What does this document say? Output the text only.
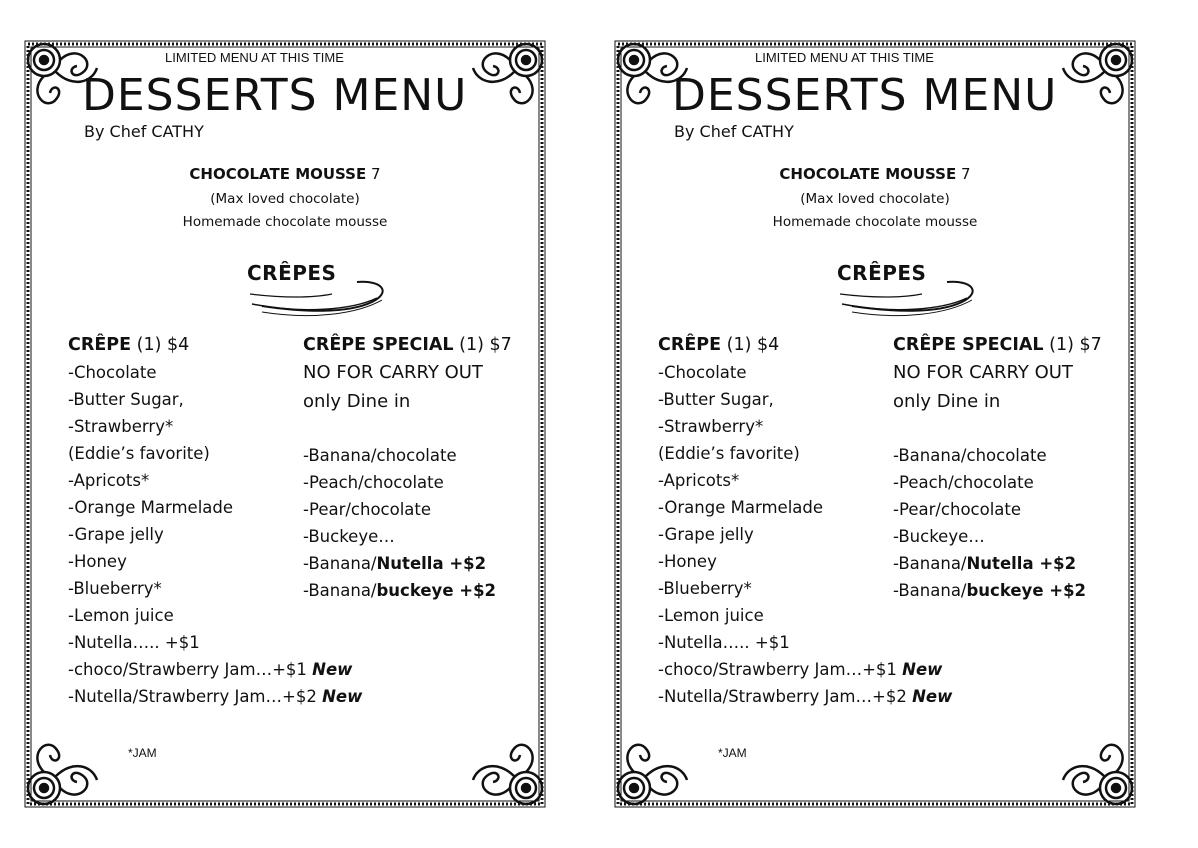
LIMITED MENU AT THIS TIME
DESSERTS MENU
By Chef CATHY
CHOCOLATE MOUSSE 7
(Max loved chocolate)
Homemade chocolate mousse
CRÊPES
CRÊPE (1) $4
-Chocolate
-Butter Sugar,
-Strawberry*
(Eddie’s favorite)
-Apricots*
-Orange Marmelade
-Grape jelly
-Honey
-Blueberry*
-Lemon juice
-Nutella….. +$1
-choco/Strawberry Jam…+$1 New
-Nutella/Strawberry Jam…+$2 New
CRÊPE SPECIAL (1) $7
NO FOR CARRY OUT
only Dine in
-Banana/chocolate
-Peach/chocolate
-Pear/chocolate
-Buckeye…
-Banana/Nutella +$2
-Banana/buckeye +$2
*JAM
LIMITED MENU AT THIS TIME
DESSERTS MENU
By Chef CATHY
CHOCOLATE MOUSSE 7
(Max loved chocolate)
Homemade chocolate mousse
CRÊPES
CRÊPE (1) $4
-Chocolate
-Butter Sugar,
-Strawberry*
(Eddie’s favorite)
-Apricots*
-Orange Marmelade
-Grape jelly
-Honey
-Blueberry*
-Lemon juice
-Nutella….. +$1
-choco/Strawberry Jam…+$1 New
-Nutella/Strawberry Jam…+$2 New
CRÊPE SPECIAL (1) $7
NO FOR CARRY OUT
only Dine in
-Banana/chocolate
-Peach/chocolate
-Pear/chocolate
-Buckeye…
-Banana/Nutella +$2
-Banana/buckeye +$2
*JAM
